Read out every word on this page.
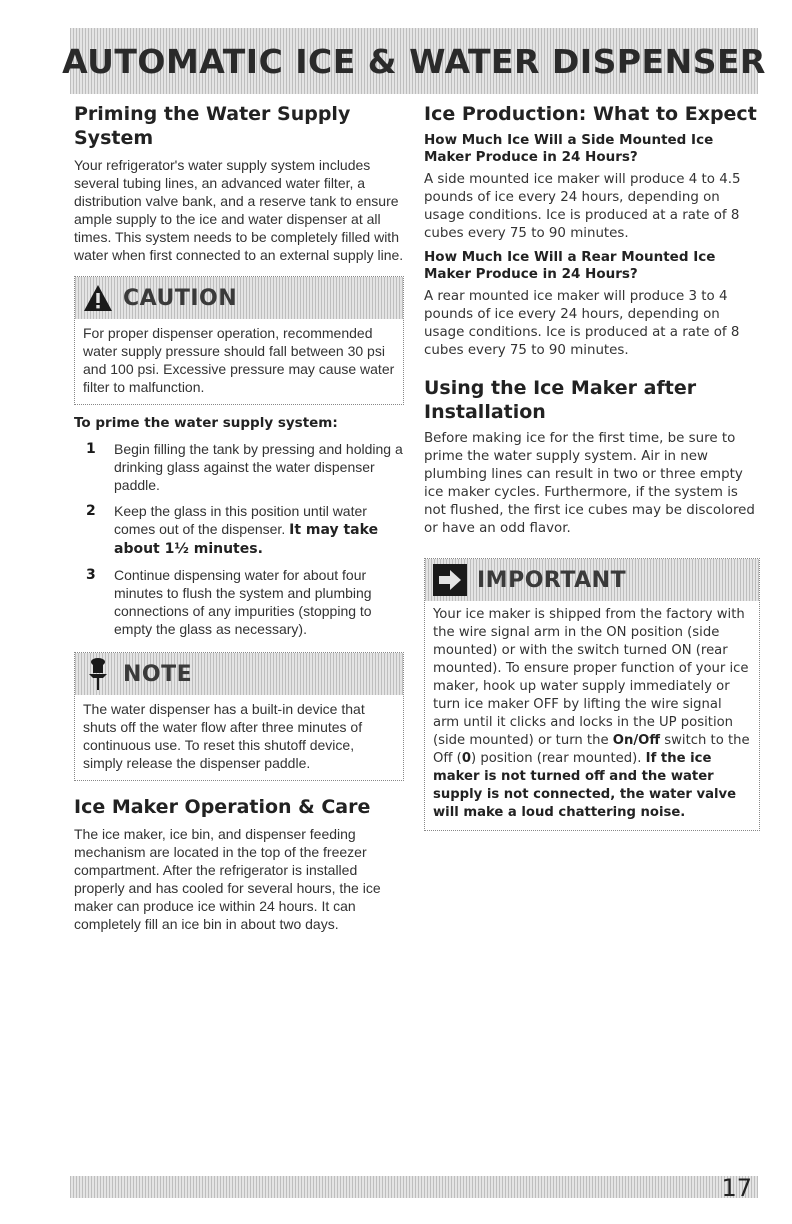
AUTOMATIC ICE & WATER DISPENSER
Priming the Water Supply System

Your refrigerator's water supply system includes several tubing lines, an advanced water filter, a distribution valve bank, and a reserve tank to ensure ample supply to the ice and water dispenser at all times. This system needs to be completely filled with water when first connected to an external supply line.

CAUTION

For proper dispenser operation, recommended water supply pressure should fall between 30 psi and 100 psi. Excessive pressure may cause water filter to malfunction.

To prime the water supply system:
1	Begin filling the tank by pressing and holding a drinking glass against the water dispenser paddle.

2	Keep the glass in this position until water comes out of the dispenser. It may take about 1½ minutes.

3	Continue dispensing water for about four minutes to flush the system and plumbing connections of any impurities (stopping to empty the glass as necessary).

NOTE

The water dispenser has a built-in device that shuts off the water flow after three minutes of continuous use. To reset this shutoff device, simply release the dispenser paddle.

Ice Maker Operation & Care

The ice maker, ice bin, and dispenser feeding mechanism are located in the top of the freezer compartment. After the refrigerator is installed properly and has cooled for several hours, the ice maker can produce ice within 24 hours. It can completely fill an ice bin in about two days.

Ice Production: What to Expect
How Much Ice Will a Side Mounted Ice Maker Produce in 24 Hours?

A side mounted ice maker will produce 4 to 4.5 pounds of ice every 24 hours, depending on usage conditions. Ice is produced at a rate of 8 cubes every 75 to 90 minutes.

How Much Ice Will a Rear Mounted Ice Maker Produce in 24 Hours?

A rear mounted ice maker will produce 3 to 4 pounds of ice every 24 hours, depending on usage conditions. Ice is produced at a rate of 8 cubes every 75 to 90 minutes.

Using the Ice Maker after Installation

Before making ice for the first time, be sure to prime the water supply system. Air in new plumbing lines can result in two or three empty ice maker cycles. Furthermore, if the system is not flushed, the first ice cubes may be discolored or have an odd flavor.

IMPORTANT

Your ice maker is shipped from the factory with the wire signal arm in the ON position (side mounted) or with the switch turned ON (rear mounted). To ensure proper function of your ice maker, hook up water supply immediately or turn ice maker OFF by lifting the wire signal arm until it clicks and locks in the UP position (side mounted) or turn the On/Off switch to the Off (0) position (rear mounted). If the ice maker is not turned off and the water supply is not connected, the water valve will make a loud chattering noise.

17
